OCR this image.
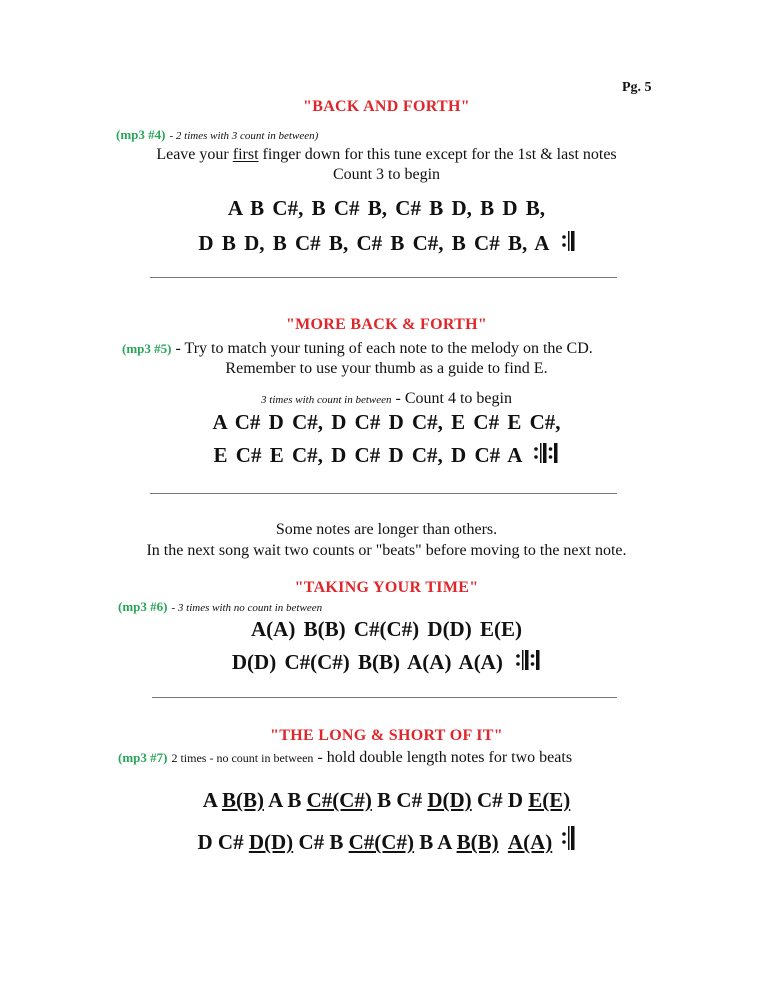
Pg. 5
"BACK AND FORTH"
(mp3 #4) - 2 times with 3 count in between)
Leave your first finger down for this tune except for the 1st & last notes
Count 3 to begin
A B C#, B C# B, C# B D, B D B,
D B D, B C# B, C# B C#, B C# B, A
"MORE BACK & FORTH"
(mp3 #5) - Try to match your tuning of each note to the melody on the CD.
Remember to use your thumb as a guide to find E.
3 times with count in between - Count 4 to begin
A C# D C#, D C# D C#, E C# E C#,
E C# E C#, D C# D C#, D C# A
Some notes are longer than others.
In the next song wait two counts or "beats" before moving to the next note.
"TAKING YOUR TIME"
(mp3 #6) - 3 times with no count in between
A(A) B(B) C#(C#) D(D) E(E)
D(D) C#(C#) B(B) A(A) A(A)
"THE LONG & SHORT OF IT"
(mp3 #7) 2 times - no count in between - hold double length notes for two beats
A B(B) A B C#(C#) B C# D(D) C# D E(E)
D C# D(D) C# B C#(C#) B A B(B) A(A)
